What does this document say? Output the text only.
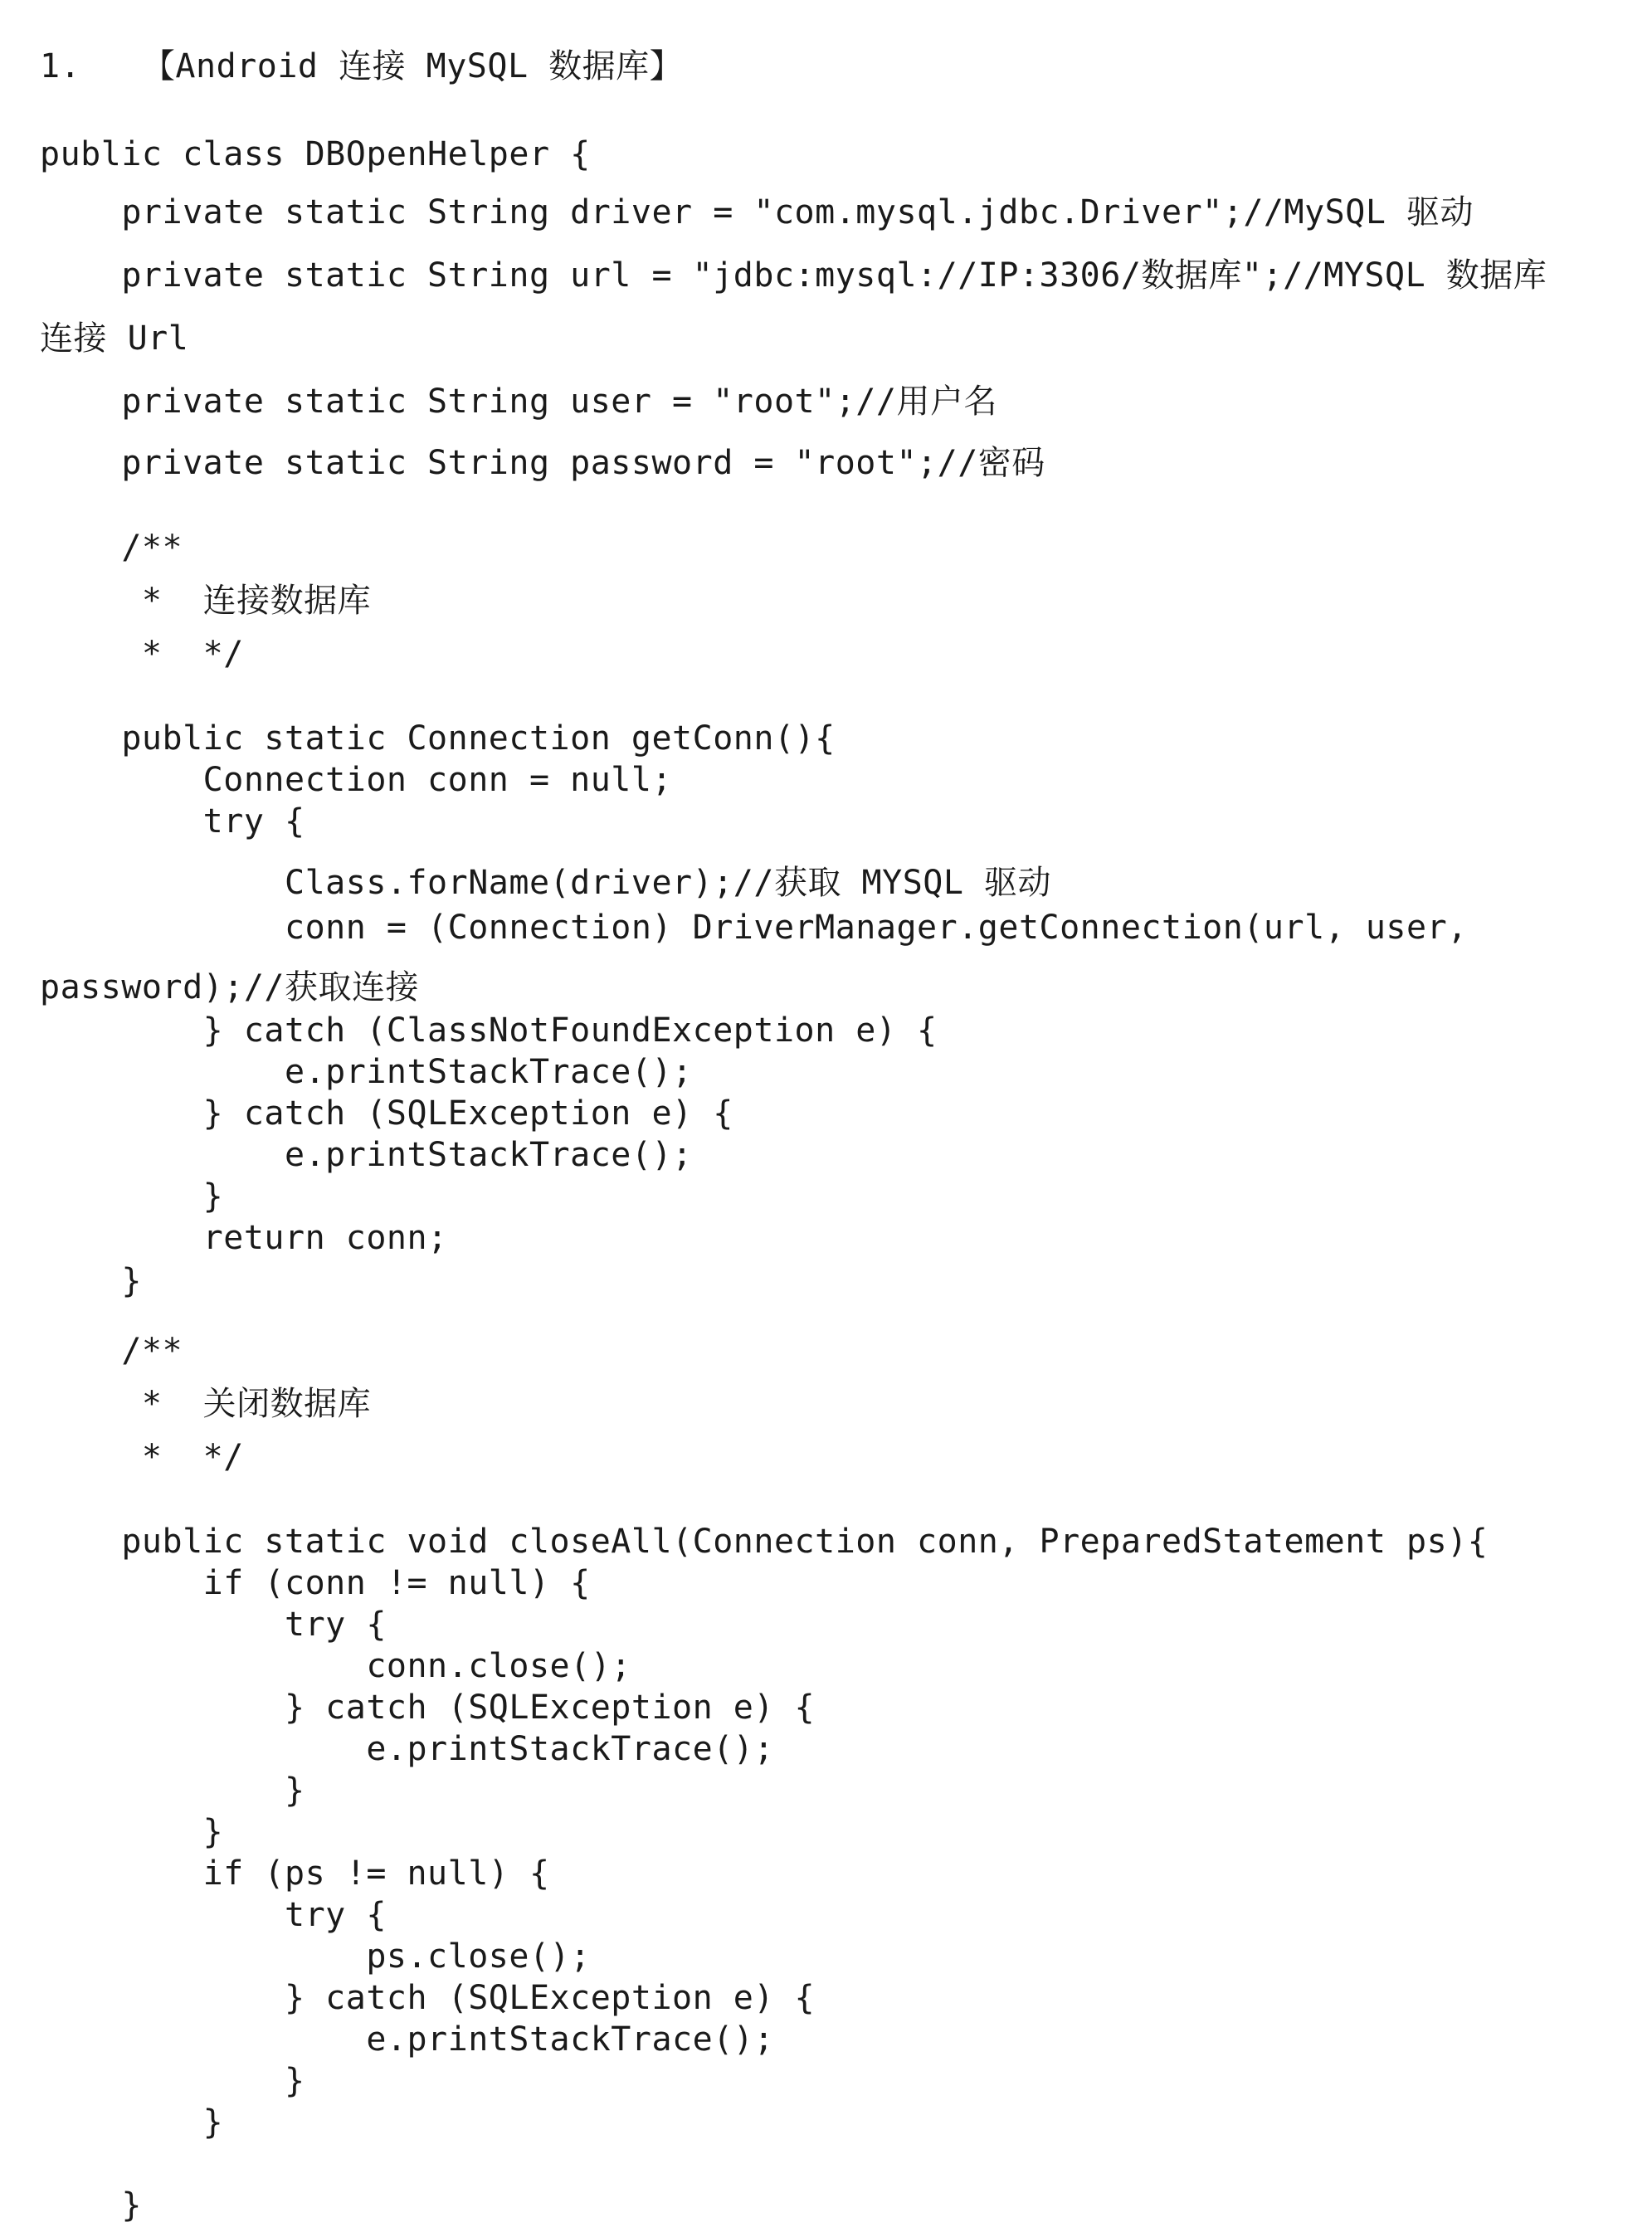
1.   【Android 连接 MySQL 数据库】
public class DBOpenHelper {
private static String driver = "com.mysql.jdbc.Driver";//MySQL 驱动
private static String url = "jdbc:mysql://IP:3306/数据库";//MYSQL 数据库
连接 Url
private static String user = "root";//用户名
private static String password = "root";//密码
/**
*  连接数据库
*  */
public static Connection getConn(){
Connection conn = null;
try {
Class.forName(driver);//获取 MYSQL 驱动
conn = (Connection) DriverManager.getConnection(url, user,
password);//获取连接
} catch (ClassNotFoundException e) {
e.printStackTrace();
} catch (SQLException e) {
e.printStackTrace();
}
return conn;
}
/**
*  关闭数据库
*  */
public static void closeAll(Connection conn, PreparedStatement ps){
if (conn != null) {
try {
conn.close();
} catch (SQLException e) {
e.printStackTrace();
}
}
if (ps != null) {
try {
ps.close();
} catch (SQLException e) {
e.printStackTrace();
}
}
}
